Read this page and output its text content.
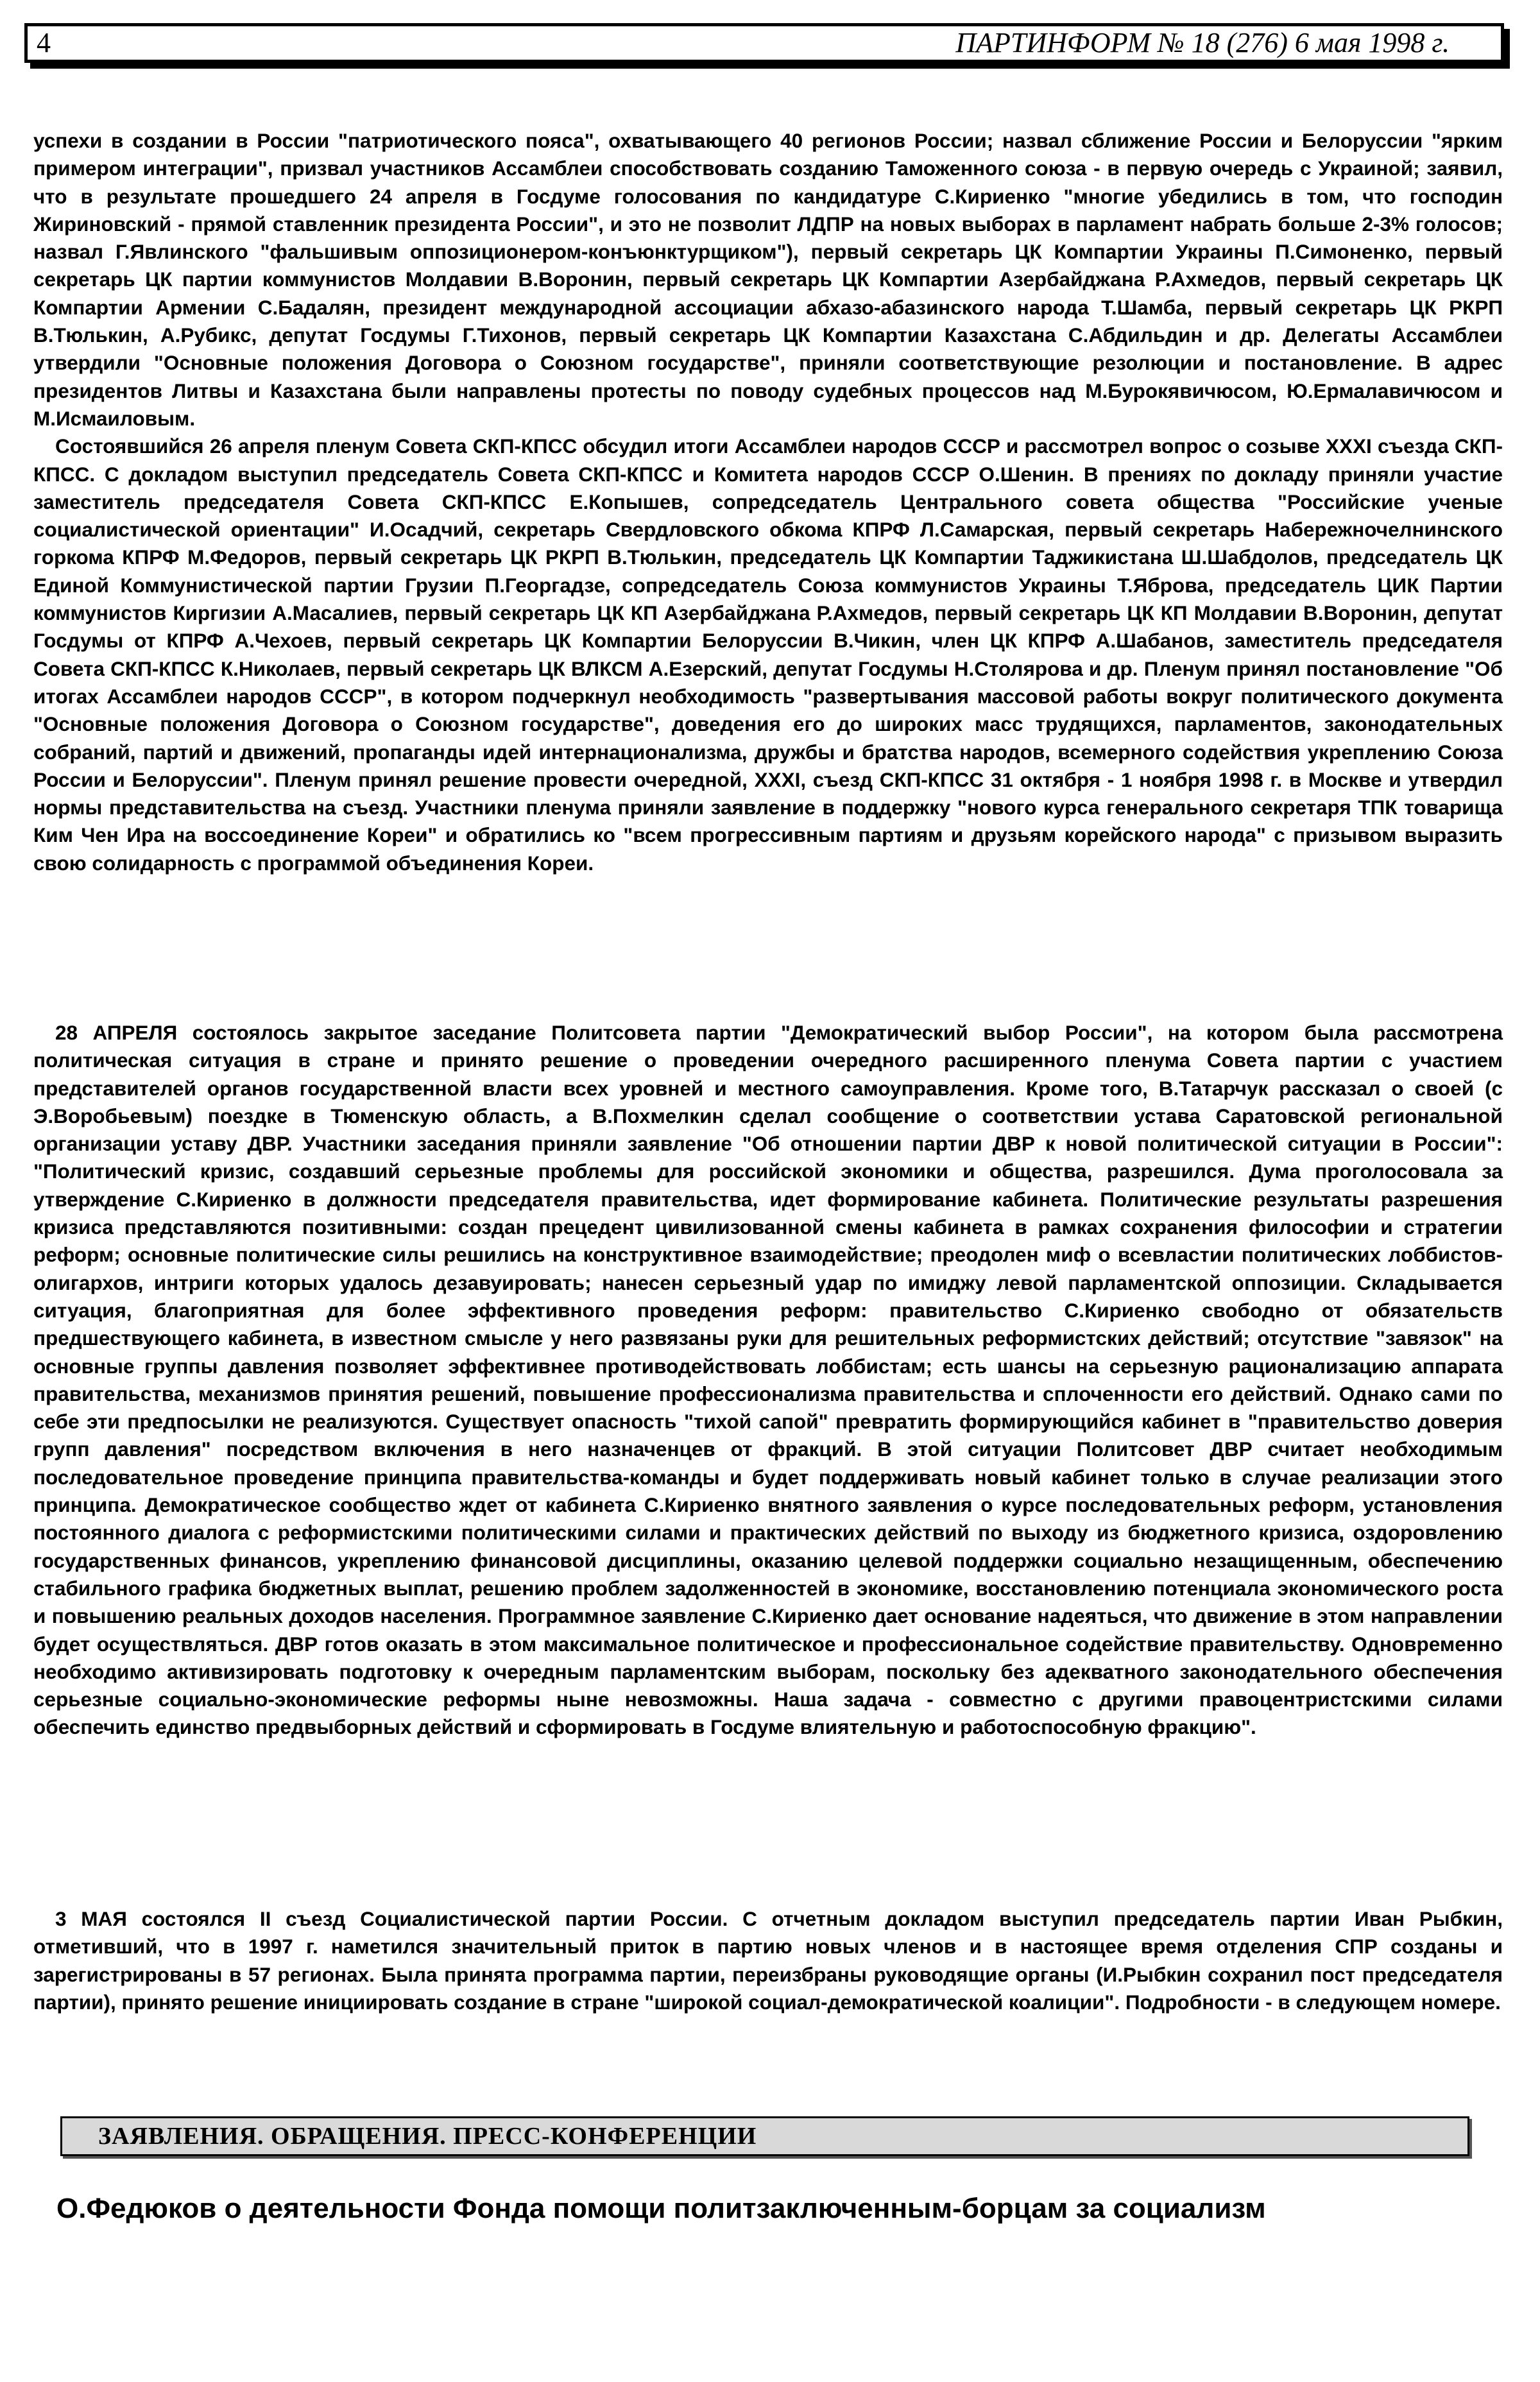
4	ПАРТИНФОРМ № 18 (276) 6 мая 1998 г.

успехи в создании в России "патриотического пояса", охватывающего 40 регионов России; назвал сближение России и Белоруссии "ярким примером интеграции", призвал участников Ассамблеи способствовать созданию Таможенного союза - в первую очередь с Украиной; заявил, что в результате прошедшего 24 апреля в Госдуме голосования по кандидатуре С.Кириенко "многие убедились в том, что господин Жириновский - прямой ставленник президента России", и это не позволит ЛДПР на новых выборах в парламент набрать больше 2-3% голосов; назвал Г.Явлинского "фальшивым оппозиционером-конъюнктурщиком"), первый секретарь ЦК Компартии Украины П.Симоненко, первый секретарь ЦК партии коммунистов Молдавии В.Воронин, первый секретарь ЦК Компартии Азербайджана Р.Ахмедов, первый секретарь ЦК Компартии Армении С.Бадалян, президент международной ассоциации абхазо-абазинского народа Т.Шамба, первый секретарь ЦК РКРП В.Тюлькин, А.Рубикс, депутат Госдумы Г.Тихонов, первый секретарь ЦК Компартии Казахстана С.Абдильдин и др. Делегаты Ассамблеи утвердили "Основные положения Договора о Союзном государстве", приняли соответствующие резолюции и постановление. В адрес президентов Литвы и Казахстана были направлены протесты по поводу судебных процессов над М.Бурокявичюсом, Ю.Ермалавичюсом и М.Исмаиловым.

Состоявшийся 26 апреля пленум Совета СКП-КПСС обсудил итоги Ассамблеи народов СССР и рассмотрел вопрос о созыве XXXI съезда СКП-КПСС. С докладом выступил председатель Совета СКП-КПСС и Комитета народов СССР О.Шенин. В прениях по докладу приняли участие заместитель председателя Совета СКП-КПСС Е.Копышев, сопредседатель Центрального совета общества "Российские ученые социалистической ориентации" И.Осадчий, секретарь Свердловского обкома КПРФ Л.Самарская, первый секретарь Набережночелнинского горкома КПРФ М.Федоров, первый секретарь ЦК РКРП В.Тюлькин, председатель ЦК Компартии Таджикистана Ш.Шабдолов, председатель ЦК Единой Коммунистической партии Грузии П.Георгадзе, сопредседатель Союза коммунистов Украины Т.Яброва, председатель ЦИК Партии коммунистов Киргизии А.Масалиев, первый секретарь ЦК КП Азербайджана Р.Ахмедов, первый секретарь ЦК КП Молдавии В.Воронин, депутат Госдумы от КПРФ А.Чехоев, первый секретарь ЦК Компартии Белоруссии В.Чикин, член ЦК КПРФ А.Шабанов, заместитель председателя Совета СКП-КПСС К.Николаев, первый секретарь ЦК ВЛКСМ А.Езерский, депутат Госдумы Н.Столярова и др. Пленум принял постановление "Об итогах Ассамблеи народов СССР", в котором подчеркнул необходимость "развертывания массовой работы вокруг политического документа "Основные положения Договора о Союзном государстве", доведения его до широких масс трудящихся, парламентов, законодательных собраний, партий и движений, пропаганды идей интернационализма, дружбы и братства народов, всемерного содействия укреплению Союза России и Белоруссии". Пленум принял решение провести очередной, XXXI, съезд СКП-КПСС 31 октября - 1 ноября 1998 г. в Москве и утвердил нормы представительства на съезд. Участники пленума приняли заявление в поддержку "нового курса генерального секретаря ТПК товарища Ким Чен Ира на воссоединение Кореи" и обратились ко "всем прогрессивным партиям и друзьям корейского народа" с призывом выразить свою солидарность с программой объединения Кореи.

28 АПРЕЛЯ состоялось закрытое заседание Политсовета партии "Демократический выбор России", на котором была рассмотрена политическая ситуация в стране и принято решение о проведении очередного расширенного пленума Совета партии с участием представителей органов государственной власти всех уровней и местного самоуправления. Кроме того, В.Татарчук рассказал о своей (с Э.Воробьевым) поездке в Тюменскую область, а В.Похмелкин сделал сообщение о соответствии устава Саратовской региональной организации уставу ДВР. Участники заседания приняли заявление "Об отношении партии ДВР к новой политической ситуации в России": "Политический кризис, создавший серьезные проблемы для российской экономики и общества, разрешился. Дума проголосовала за утверждение С.Кириенко в должности председателя правительства, идет формирование кабинета. Политические результаты разрешения кризиса представляются позитивными: создан прецедент цивилизованной смены кабинета в рамках сохранения философии и стратегии реформ; основные политические силы решились на конструктивное взаимодействие; преодолен миф о всевластии политических лоббистов-олигархов, интриги которых удалось дезавуировать; нанесен серьезный удар по имиджу левой парламентской оппозиции. Складывается ситуация, благоприятная для более эффективного проведения реформ: правительство С.Кириенко свободно от обязательств предшествующего кабинета, в известном смысле у него развязаны руки для решительных реформистских действий; отсутствие "завязок" на основные группы давления позволяет эффективнее противодействовать лоббистам; есть шансы на серьезную рационализацию аппарата правительства, механизмов принятия решений, повышение профессионализма правительства и сплоченности его действий. Однако сами по себе эти предпосылки не реализуются. Существует опасность "тихой сапой" превратить формирующийся кабинет в "правительство доверия групп давления" посредством включения в него назначенцев от фракций. В этой ситуации Политсовет ДВР считает необходимым последовательное проведение принципа правительства-команды и будет поддерживать новый кабинет только в случае реализации этого принципа. Демократическое сообщество ждет от кабинета С.Кириенко внятного заявления о курсе последовательных реформ, установления постоянного диалога с реформистскими политическими силами и практических действий по выходу из бюджетного кризиса, оздоровлению государственных финансов, укреплению финансовой дисциплины, оказанию целевой поддержки социально незащищенным, обеспечению стабильного графика бюджетных выплат, решению проблем задолженностей в экономике, восстановлению потенциала экономического роста и повышению реальных доходов населения. Программное заявление С.Кириенко дает основание надеяться, что движение в этом направлении будет осуществляться. ДВР готов оказать в этом максимальное политическое и профессиональное содействие правительству. Одновременно необходимо активизировать подготовку к очередным парламентским выборам, поскольку без адекватного законодательного обеспечения серьезные социально-экономические реформы ныне невозможны. Наша задача - совместно с другими правоцентристскими силами обеспечить единство предвыборных действий и сформировать в Госдуме влиятельную и работоспособную фракцию".

3 МАЯ состоялся II съезд Социалистической партии России. С отчетным докладом выступил председатель партии Иван Рыбкин, отметивший, что в 1997 г. наметился значительный приток в партию новых членов и в настоящее время отделения СПР созданы и зарегистрированы в 57 регионах. Была принята программа партии, переизбраны руководящие органы (И.Рыбкин сохранил пост председателя партии), принято решение инициировать создание в стране "широкой социал-демократической коалиции". Подробности - в следующем номере.

ЗАЯВЛЕНИЯ. ОБРАЩЕНИЯ. ПРЕСС-КОНФЕРЕНЦИИ
О.Федюков о деятельности Фонда помощи политзаключенным-борцам за социализм
